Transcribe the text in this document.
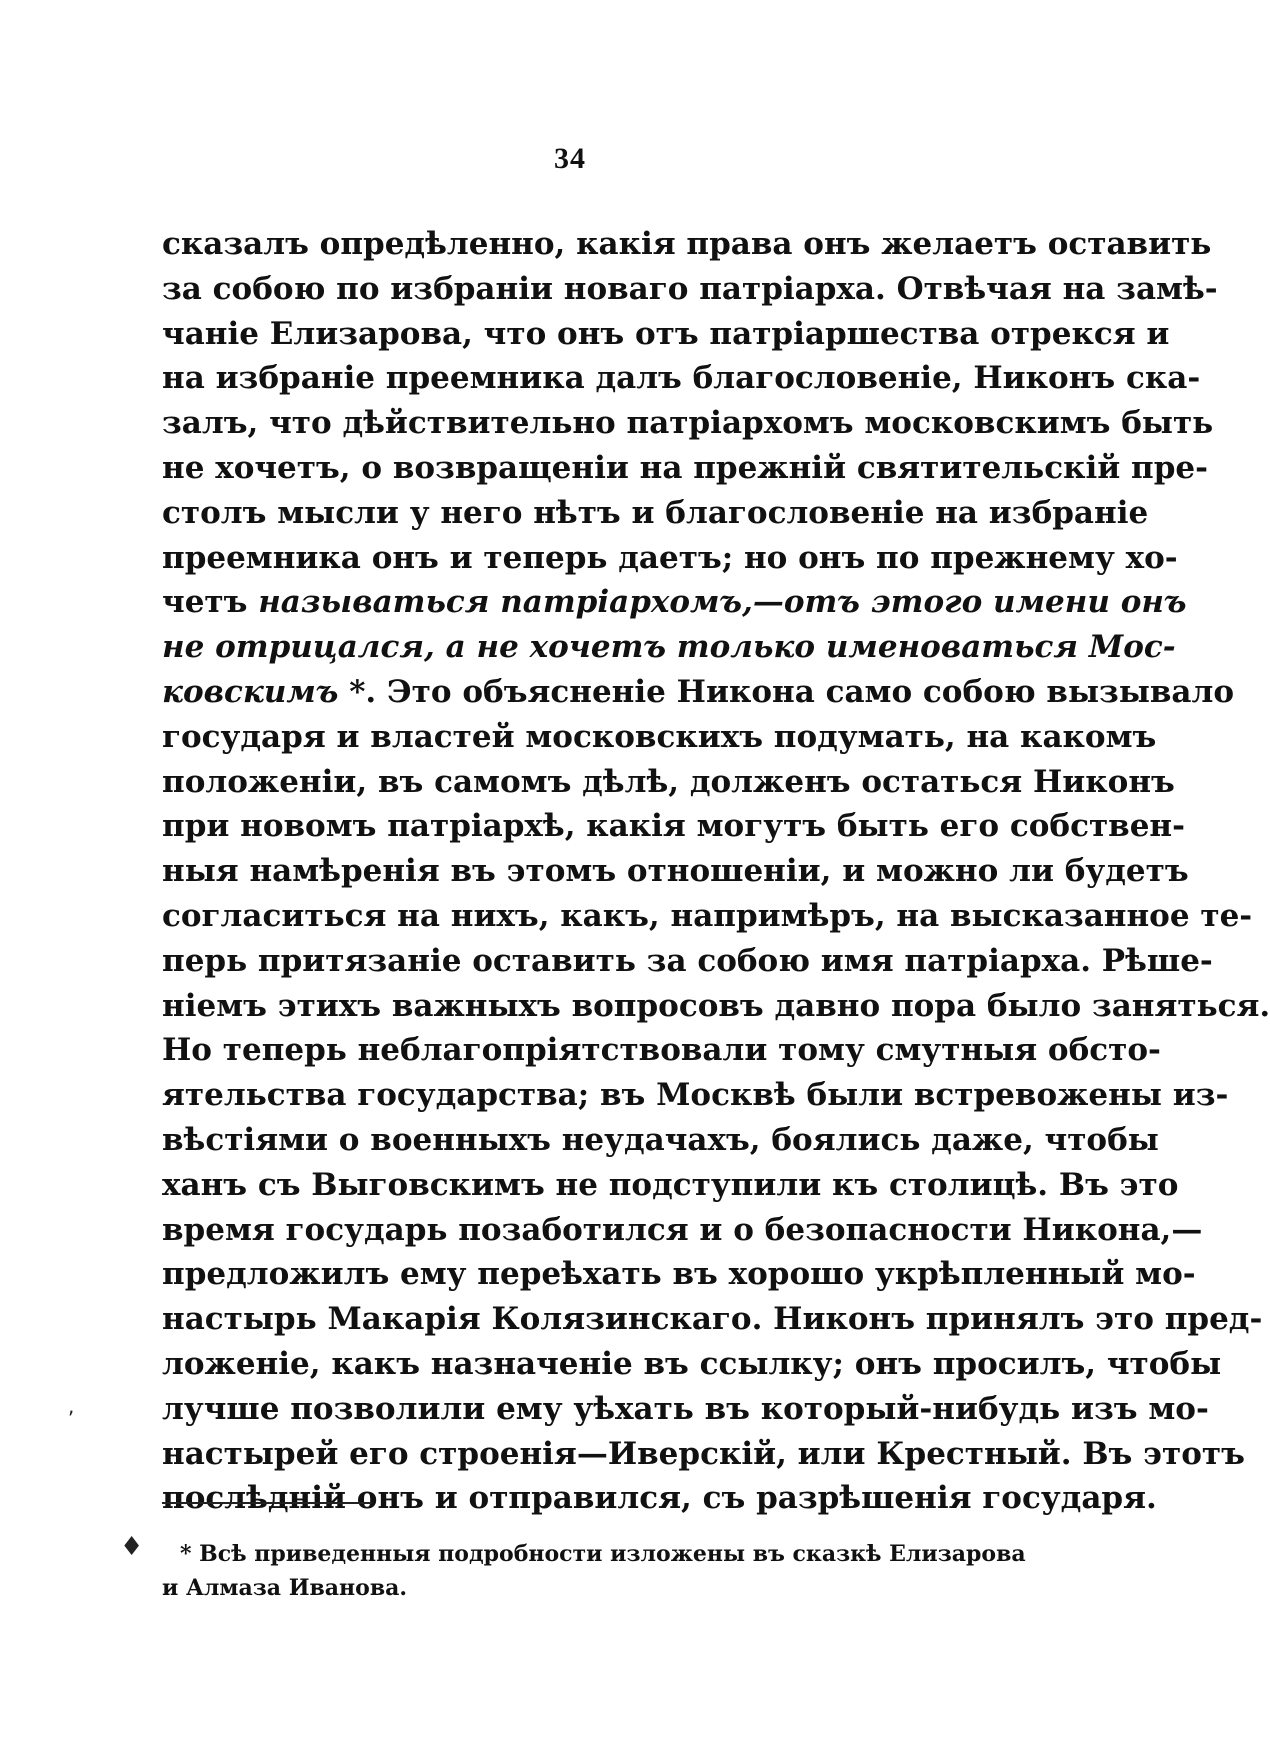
34
сказалъ опредѣленно, какія права онъ желаетъ оставить
за собою по избраніи новаго патріарха. Отвѣчая на замѣ-
чаніе Елизарова, что онъ отъ патріаршества отрекся и
на избраніе преемника далъ благословеніе, Никонъ ска-
залъ, что дѣйствительно патріархомъ московскимъ быть
не хочетъ, о возвращеніи на прежній святительскій пре-
столъ мысли у него нѣтъ и благословеніе на избраніе
преемника онъ и теперь даетъ; но онъ по прежнему хо-
четъ называться патріархомъ,—отъ этого имени онъ
не отрицался, а не хочетъ только именоваться Мос-
ковскимъ *. Это объясненіе Никона само собою вызывало
государя и властей московскихъ подумать, на какомъ
положеніи, въ самомъ дѣлѣ, долженъ остаться Никонъ
при новомъ патріархѣ, какія могутъ быть его собствен-
ныя намѣренія въ этомъ отношеніи, и можно ли будетъ
согласиться на нихъ, какъ, напримѣръ, на высказанное те-
перь притязаніе оставить за собою имя патріарха. Рѣше-
ніемъ этихъ важныхъ вопросовъ давно пора было заняться.
Но теперь неблагопріятствовали тому смутныя обсто-
ятельства государства; въ Москвѣ были встревожены из-
вѣстіями о военныхъ неудачахъ, боялись даже, чтобы
ханъ съ Выговскимъ не подступили къ столицѣ. Въ это
время государь позаботился и о безопасности Никона,—
предложилъ ему переѣхать въ хорошо укрѣпленный мо-
настырь Макарія Колязинскаго. Никонъ принялъ это пред-
ложеніе, какъ назначеніе въ ссылку; онъ просилъ, чтобы
лучше позволили ему уѣхать въ который-нибудь изъ мо-
настырей его строенія—Иверскій, или Крестный. Въ этотъ
послѣдній онъ и отправился, съ разрѣшенія государя.
* Всѣ приведенныя подробности изложены въ сказкѣ Елизарова
и Алмаза Иванова.
♦
,
